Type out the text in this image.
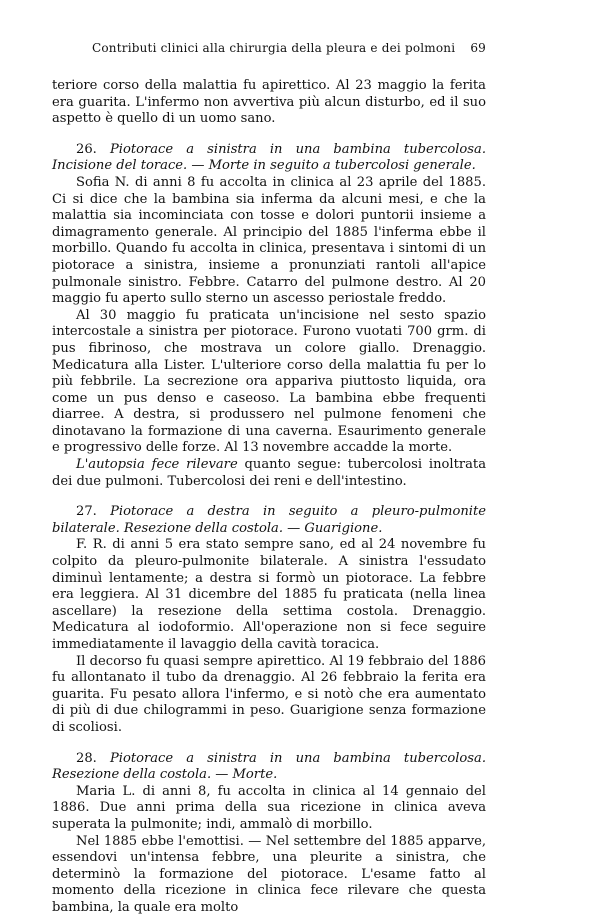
Contributi clinici alla chirurgia della pleura e dei polmoni 69

teriore corso della malattia fu apirettico. Al 23 maggio la ferita era guarita. L'infermo non avvertiva più alcun disturbo, ed il suo aspetto è quello di un uomo sano.

26. Piotorace a sinistra in una bambina tubercolosa. Incisione del torace. — Morte in seguito a tubercolosi generale.

Sofia N. di anni 8 fu accolta in clinica al 23 aprile del 1885. Ci si dice che la bambina sia inferma da alcuni mesi, e che la malattia sia incominciata con tosse e dolori puntorii insieme a dimagramento generale. Al principio del 1885 l'inferma ebbe il morbillo. Quando fu accolta in clinica, presentava i sintomi di un piotorace a sinistra, insieme a pronunziati rantoli all'apice pulmonale sinistro. Febbre. Catarro del pulmone destro. Al 20 maggio fu aperto sullo sterno un ascesso periostale freddo.

Al 30 maggio fu praticata un'incisione nel sesto spazio intercostale a sinistra per piotorace. Furono vuotati 700 grm. di pus fibrinoso, che mostrava un colore giallo. Drenaggio. Medicatura alla Lister. L'ulteriore corso della malattia fu per lo più febbrile. La secrezione ora appariva piuttosto liquida, ora come un pus denso e caseoso. La bambina ebbe frequenti diarree. A destra, si produsserо nel pulmone fenomeni che dinotavano la formazione di una caverna. Esaurimento generale e progressivo delle forze. Al 13 novembre accadde la morte.

L'autopsia fece rilevare quanto segue: tubercolosi inoltrata dei due pulmoni. Tubercolosi dei reni e dell'intestino.

27. Piotorace a destra in seguito a pleuro-pulmonite bilaterale. Resezione della costola. — Guarigione.

F. R. di anni 5 era stato sempre sano, ed al 24 novembre fu colpito da pleuro-pulmonite bilaterale. A sinistra l'essudato diminuì lentamente; a destra si formò un piotorace. La febbre era leggiera. Al 31 dicembre del 1885 fu praticata (nella linea ascellare) la resezione della settima costola. Drenaggio. Medicatura al iodoformio. All'operazione non si fece seguire immediatamente il lavaggio della cavità toracica.

Il decorso fu quasi sempre apirettico. Al 19 febbraio del 1886 fu allontanato il tubo da drenaggio. Al 26 febbraio la ferita era guarita. Fu pesato allora l'infermo, e si notò che era aumentato di più di due chilogrammi in peso. Guarigione senza formazione di scoliosi.

28. Piotorace a sinistra in una bambina tubercolosa. Resezione della costola. — Morte.

Maria L. di anni 8, fu accolta in clinica al 14 gennaio del 1886. Due anni prima della sua ricezione in clinica aveva superata la pulmonite; indi, ammalò di morbillo.

Nel 1885 ebbe l'emottisi. — Nel settembre del 1885 apparve, essendovi un'intensa febbre, una pleurite a sinistra, che determinò la formazione del piotorace. L'esame fatto al momento della ricezione in clinica fece rilevare che questa bambina, la quale era molto
